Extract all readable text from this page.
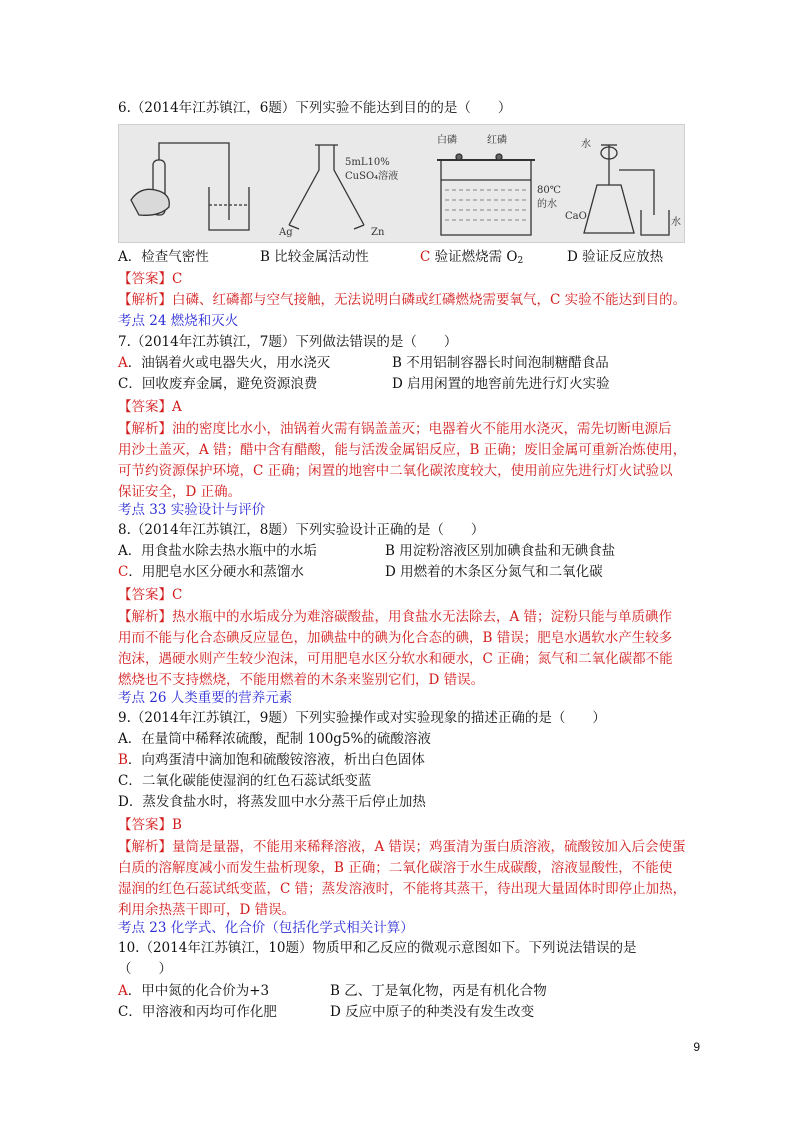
6.（2014年江苏镇江，6题）下列实验不能达到目的的是（　　）
5mL10%
CuSO₄溶液
Ag	Zn
白磷	红磷
80℃
的水
水
CaO
水
A．检查气密性	B 比较金属活动性	C 验证燃烧需 $O_2$	D 验证反应放热
【答案】C
【解析】白磷、红磷都与空气接触，无法说明白磷或红磷燃烧需要氧气，C 实验不能达到目的。
考点 24 燃烧和灭火
7.（2014年江苏镇江，7题）下列做法错误的是（　　）
A．油锅着火或电器失火，用水浇灭	B 不用铝制容器长时间泡制糖醋食品
C．回收废弃金属，避免资源浪费	D 启用闲置的地窖前先进行灯火实验
【答案】A
【解析】油的密度比水小，油锅着火需有锅盖盖灭；电器着火不能用水浇灭，需先切断电源后
用沙土盖灭，A 错；醋中含有醋酸，能与活泼金属铝反应，B 正确；废旧金属可重新冶炼使用，
可节约资源保护环境，C 正确；闲置的地窖中二氧化碳浓度较大，使用前应先进行灯火试验以
保证安全，D 正确。
考点 33 实验设计与评价
8.（2014年江苏镇江，8题）下列实验设计正确的是（　　）
A．用食盐水除去热水瓶中的水垢	B 用淀粉溶液区别加碘食盐和无碘食盐
C．用肥皂水区分硬水和蒸馏水	D 用燃着的木条区分氮气和二氧化碳
【答案】C
【解析】热水瓶中的水垢成分为难溶碳酸盐，用食盐水无法除去，A 错；淀粉只能与单质碘作
用而不能与化合态碘反应显色，加碘盐中的碘为化合态的碘，B 错误；肥皂水遇软水产生较多
泡沫，遇硬水则产生较少泡沫，可用肥皂水区分软水和硬水，C 正确；氮气和二氧化碳都不能
燃烧也不支持燃烧，不能用燃着的木条来鉴别它们，D 错误。
考点 26 人类重要的营养元素
9.（2014年江苏镇江，9题）下列实验操作或对实验现象的描述正确的是（　　）
A．在量筒中稀释浓硫酸，配制 100g5%的硫酸溶液
B．向鸡蛋清中滴加饱和硫酸铵溶液，析出白色固体
C．二氧化碳能使湿润的红色石蕊试纸变蓝
D．蒸发食盐水时，将蒸发皿中水分蒸干后停止加热
【答案】B
【解析】量筒是量器，不能用来稀释溶液，A 错误；鸡蛋清为蛋白质溶液，硫酸铵加入后会使蛋
白质的溶解度减小而发生盐析现象，B 正确；二氧化碳溶于水生成碳酸，溶液显酸性，不能使
湿润的红色石蕊试纸变蓝，C 错；蒸发溶液时，不能将其蒸干，待出现大量固体时即停止加热，
利用余热蒸干即可，D 错误。
考点 23 化学式、化合价（包括化学式相关计算）
10.（2014年江苏镇江，10题）物质甲和乙反应的微观示意图如下。下列说法错误的是
（　　）
A．甲中氮的化合价为+3	B 乙、丁是氧化物，丙是有机化合物
C．甲溶液和丙均可作化肥	D 反应中原子的种类没有发生改变
9
